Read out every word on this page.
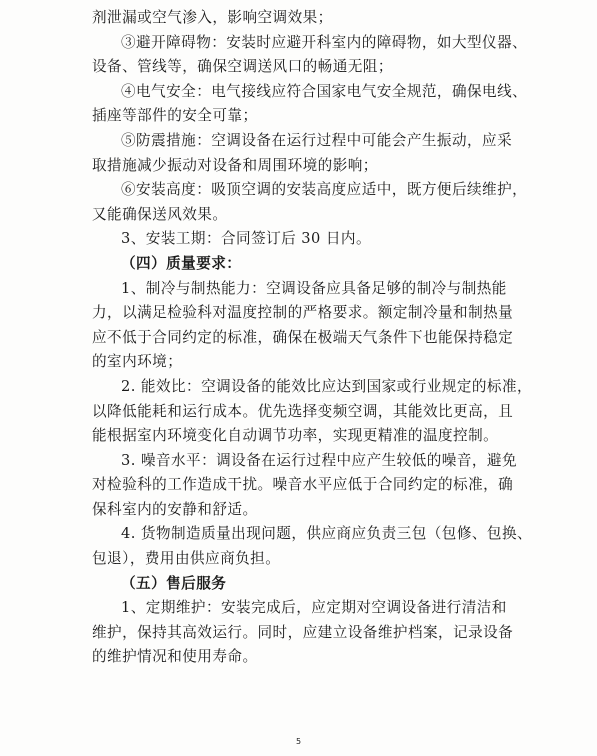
剂泄漏或空气渗入，影响空调效果；

③避开障碍物：安装时应避开科室内的障碍物，如大型仪器、
设备、管线等，确保空调送风口的畅通无阻；

④电气安全：电气接线应符合国家电气安全规范，确保电线、
插座等部件的安全可靠；

⑤防震措施：空调设备在运行过程中可能会产生振动，应采
取措施减少振动对设备和周围环境的影响；

⑥安装高度：吸顶空调的安装高度应适中，既方便后续维护，
又能确保送风效果。

3、安装工期：合同签订后 30 日内。

（四）质量要求：

1、制冷与制热能力：空调设备应具备足够的制冷与制热能
力，以满足检验科对温度控制的严格要求。额定制冷量和制热量
应不低于合同约定的标准，确保在极端天气条件下也能保持稳定
的室内环境；

2. 能效比：空调设备的能效比应达到国家或行业规定的标准，
以降低能耗和运行成本。优先选择变频空调，其能效比更高，且
能根据室内环境变化自动调节功率，实现更精准的温度控制。

3. 噪音水平：调设备在运行过程中应产生较低的噪音，避免
对检验科的工作造成干扰。噪音水平应低于合同约定的标准，确
保科室内的安静和舒适。

4. 货物制造质量出现问题，供应商应负责三包（包修、包换、
包退），费用由供应商负担。

（五）售后服务

1、定期维护：安装完成后，应定期对空调设备进行清洁和
维护，保持其高效运行。同时，应建立设备维护档案，记录设备
的维护情况和使用寿命。

5
